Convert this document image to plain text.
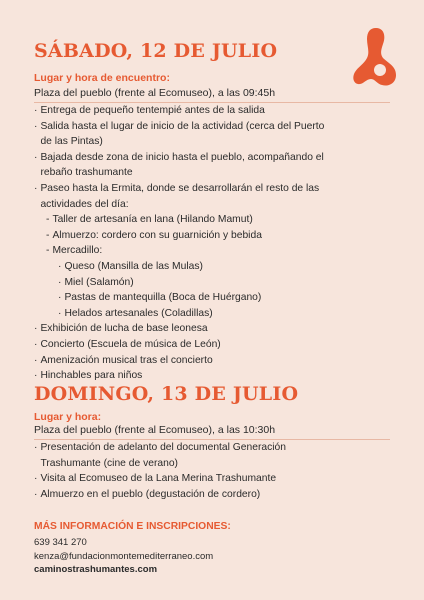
SÁBADO, 12 DE JULIO
Lugar y hora de encuentro:
Plaza del pueblo (frente al Ecomuseo), a las 09:45h
· Entrega de pequeño tentempié antes de la salida
· Salida hasta el lugar de inicio de la actividad (cerca del Puerto
de las Pintas)
· Bajada desde zona de inicio hasta el pueblo, acompañando el
rebaño trashumante
· Paseo hasta la Ermita, donde se desarrollarán el resto de las
actividades del día:
- Taller de artesanía en lana (Hilando Mamut)
- Almuerzo: cordero con su guarnición y bebida
- Mercadillo:
· Queso (Mansilla de las Mulas)
· Miel (Salamón)
· Pastas de mantequilla (Boca de Huérgano)
· Helados artesanales (Coladillas)
· Exhibición de lucha de base leonesa
· Concierto (Escuela de música de León)
· Amenización musical tras el concierto
· Hinchables para niños
DOMINGO, 13 DE JULIO
Lugar y hora:
Plaza del pueblo (frente al Ecomuseo), a las 10:30h
· Presentación de adelanto del documental Generación
Trashumante (cine de verano)
· Visita al Ecomuseo de la Lana Merina Trashumante
· Almuerzo en el pueblo (degustación de cordero)
MÁS INFORMACIÓN E INSCRIPCIONES:
639 341 270
kenza@fundacionmontemediterraneo.com
caminostrashumantes.com
